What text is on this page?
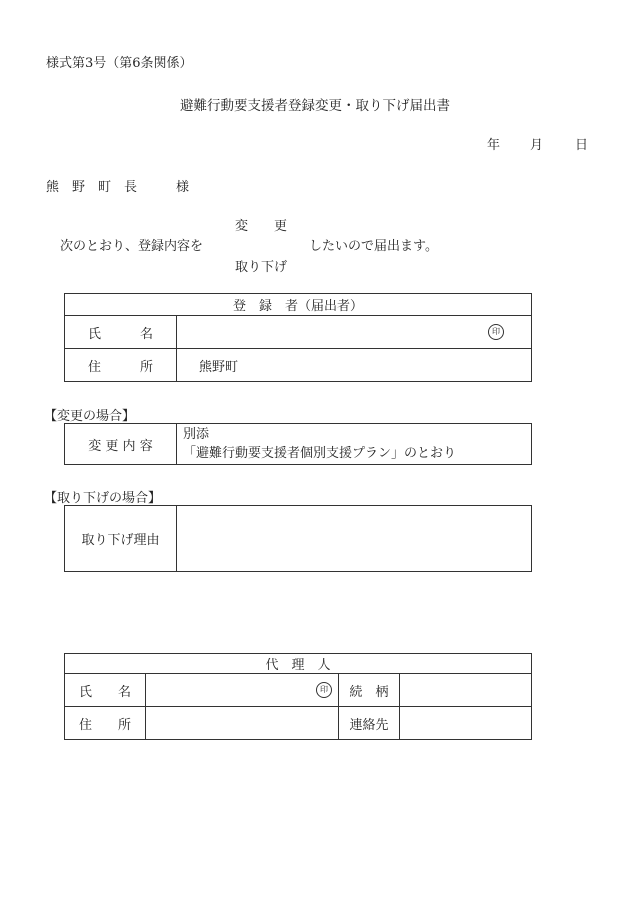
様式第3号（第6条関係）
避難行動要支援者登録変更・取り下げ届出書
年 月 日
熊　野　町　長　　　様
変　　更
次のとおり、登録内容を	したいので届出ます。
取り下げ
登　録　者（届出者）	
氏　　　名	印

住　　　所	熊野町
【変更の場合】
変 更 内 容	
別添
「避難行動要支援者個別支援プラン」のとおり
【取り下げの場合】
取り下げ理由	
代　理　人			
氏　　名	印	続　柄	
住　　所		連絡先	
